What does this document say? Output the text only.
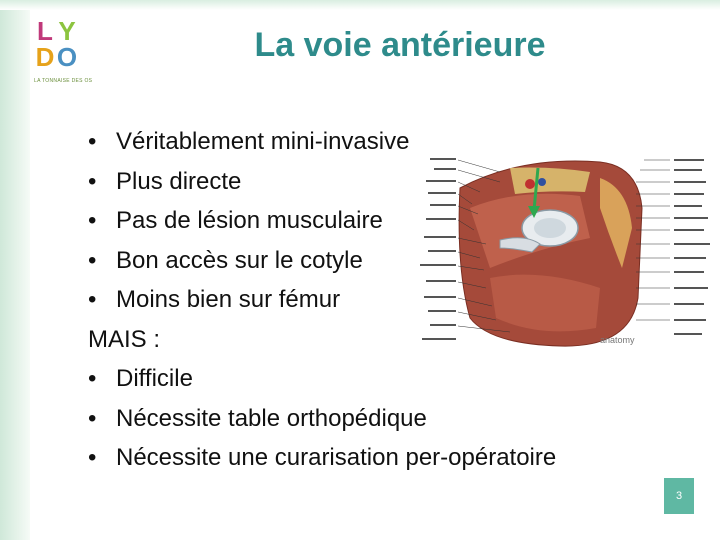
L Y
D O
LA TONNAISE DES OS
La voie antérieure
anatomy
• Véritablement mini-invasive
• Plus directe
• Pas de lésion musculaire
• Bon accès sur le cotyle
• Moins bien sur fémur
MAIS :
• Difficile
• Nécessite table orthopédique
• Nécessite une curarisation per-opératoire
3
